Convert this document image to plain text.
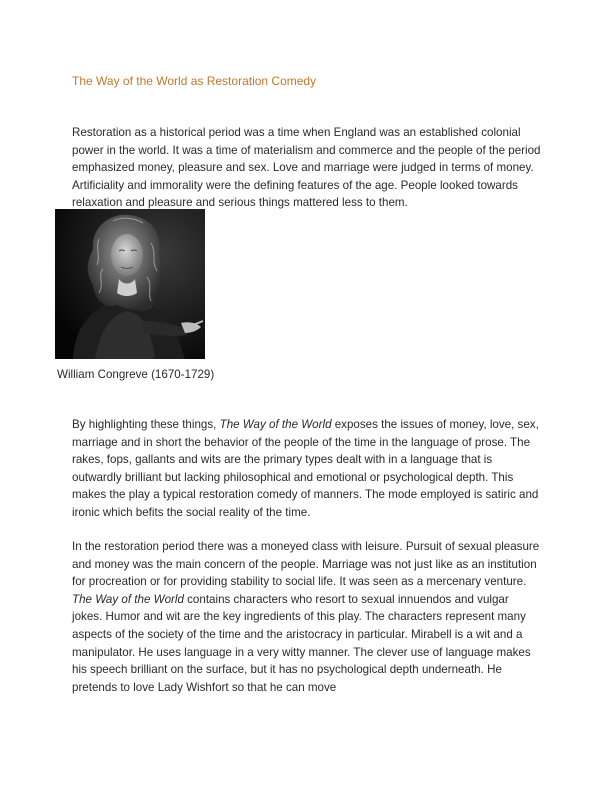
The Way of the World as Restoration Comedy

Restoration as a historical period was a time when England was an established colonial power in the world. It was a time of materialism and commerce and the people of the period emphasized money, pleasure and sex. Love and marriage were judged in terms of money. Artificiality and immorality were the defining features of the age. People looked towards relaxation and pleasure and serious things mattered less to them.

William Congreve (1670-1729)

By highlighting these things, The Way of the World exposes the issues of money, love, sex, marriage and in short the behavior of the people of the time in the language of prose. The rakes, fops, gallants and wits are the primary types dealt with in a language that is outwardly brilliant but lacking philosophical and emotional or psychological depth. This makes the play a typical restoration comedy of manners. The mode employed is satiric and ironic which befits the social reality of the time.

In the restoration period there was a moneyed class with leisure. Pursuit of sexual pleasure and money was the main concern of the people. Marriage was not just like as an institution for procreation or for providing stability to social life. It was seen as a mercenary venture. The Way of the World contains characters who resort to sexual innuendos and vulgar jokes. Humor and wit are the key ingredients of this play. The characters represent many aspects of the society of the time and the aristocracy in particular. Mirabell is a wit and a manipulator. He uses language in a very witty manner. The clever use of language makes his speech brilliant on the surface, but it has no psychological depth underneath. He pretends to love Lady Wishfort so that he can move
